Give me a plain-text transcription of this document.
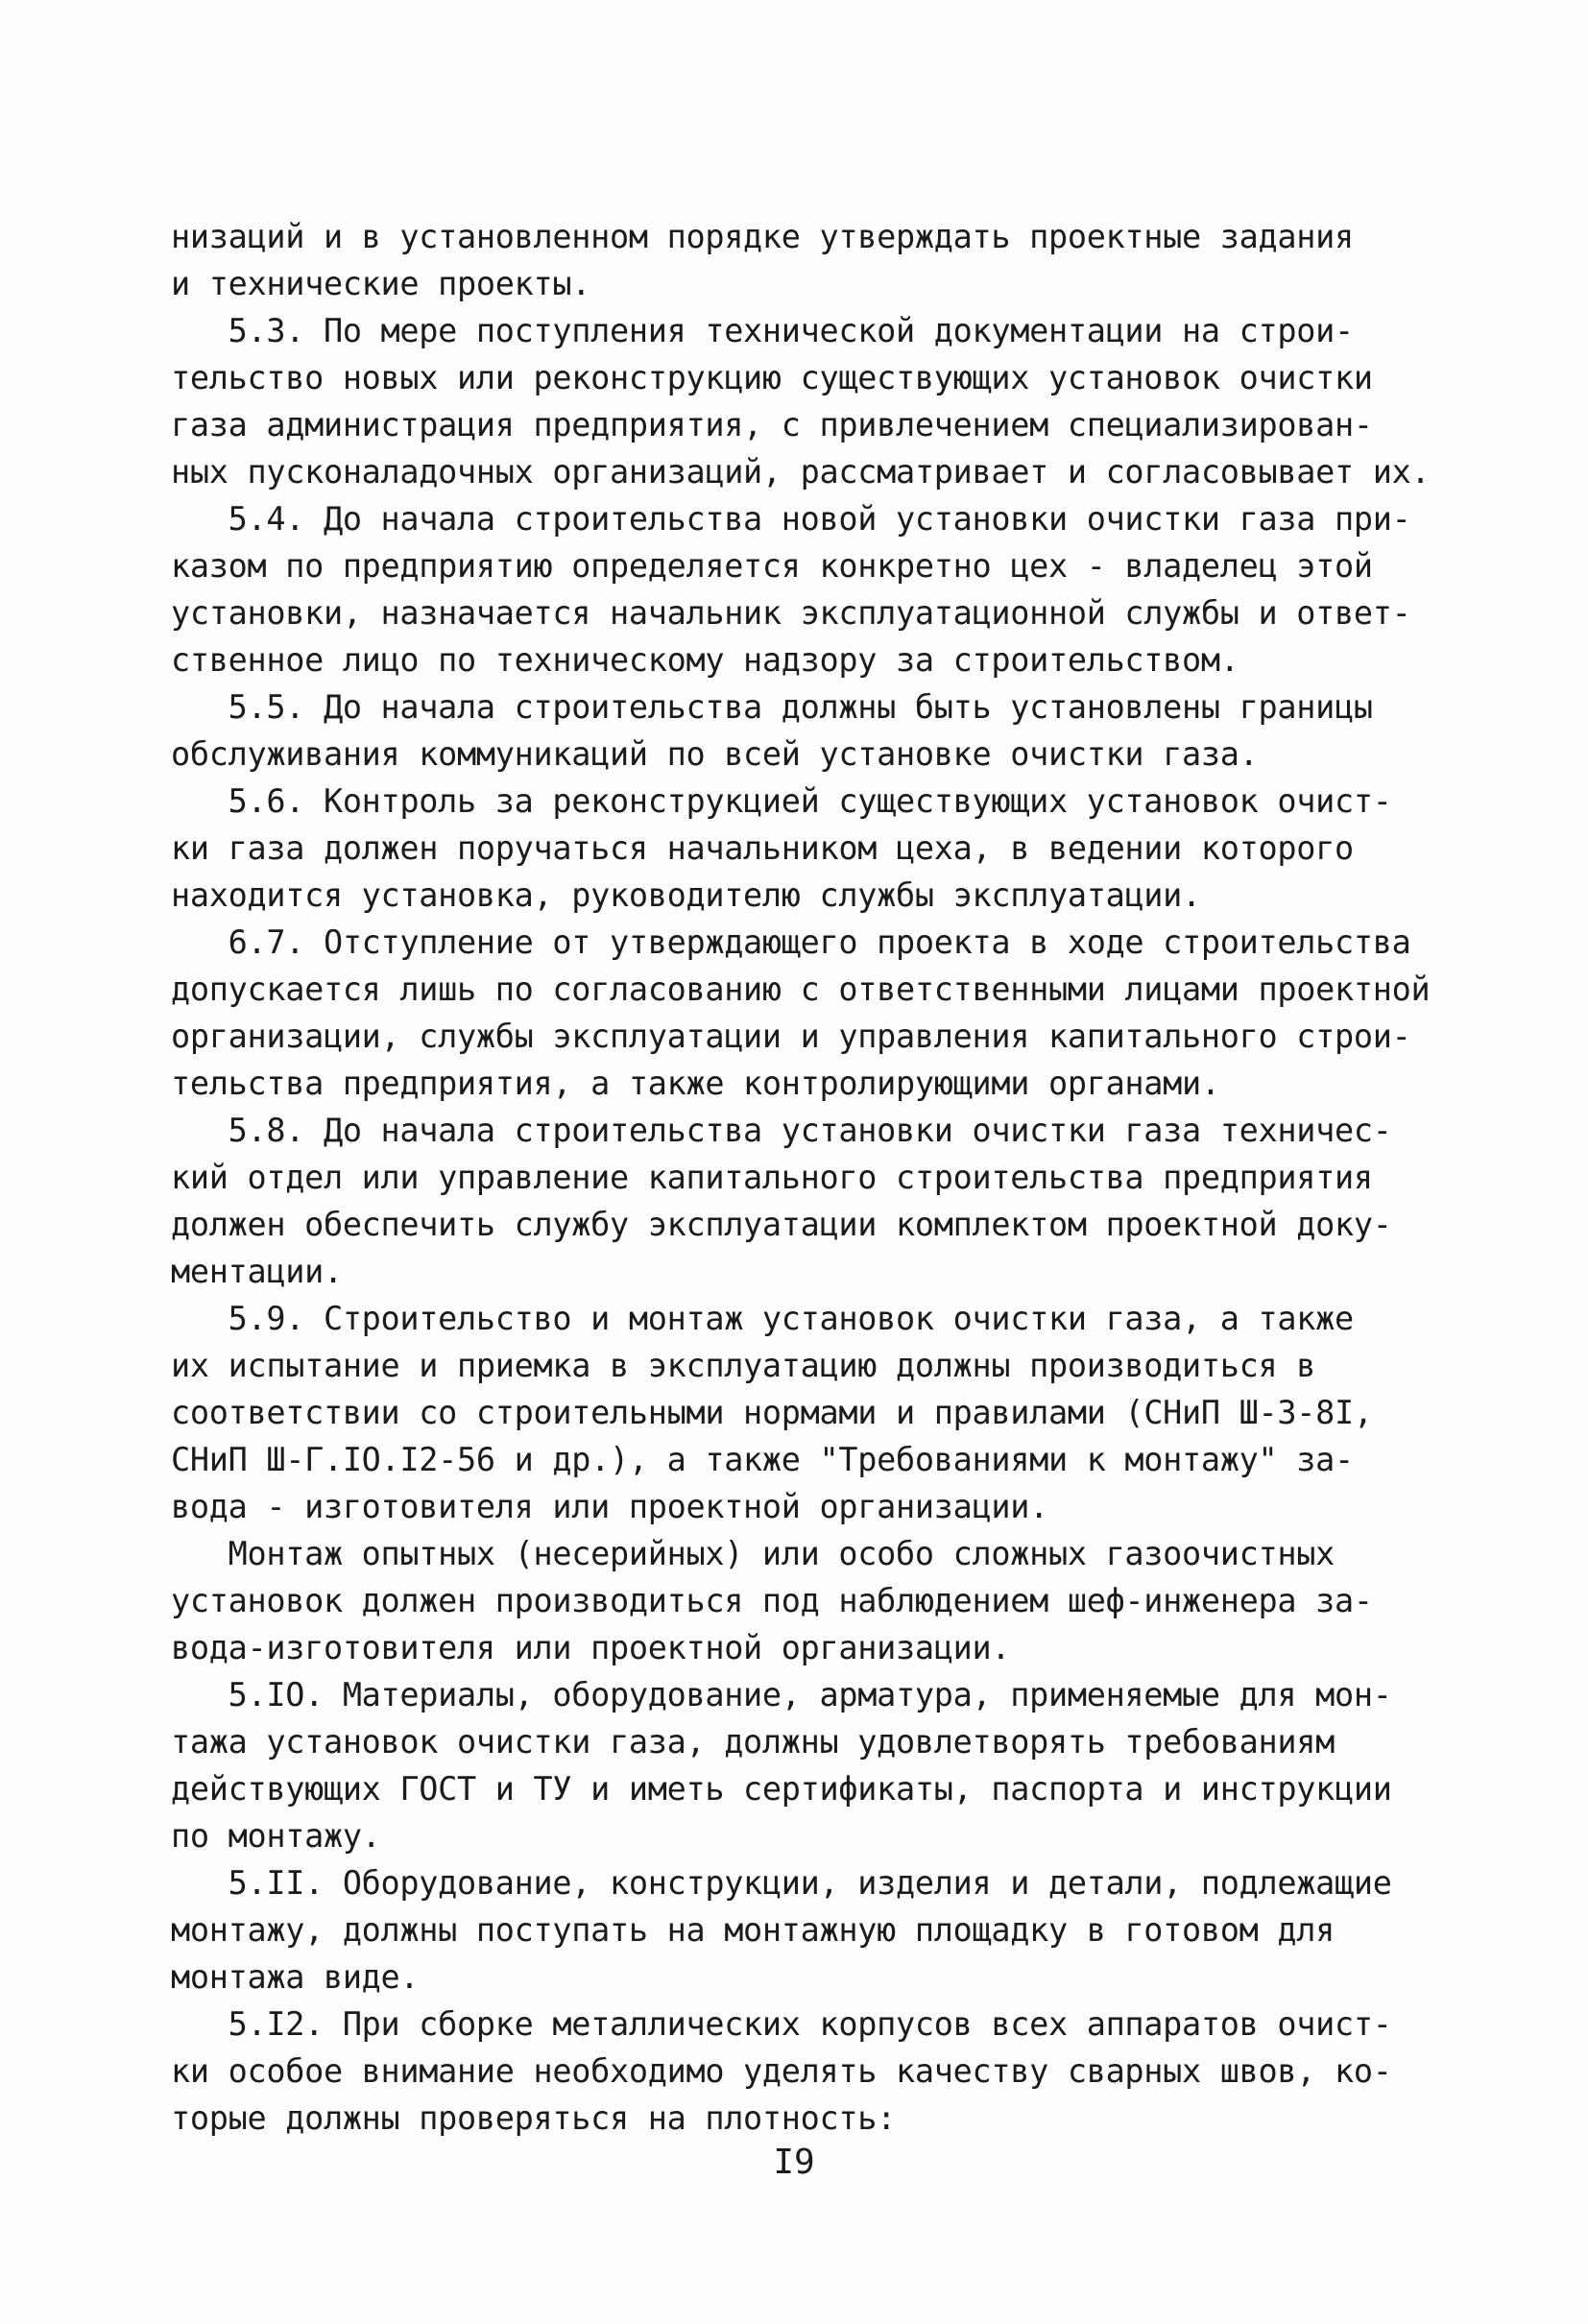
низаций и в установленном порядке утверждать проектные задания
и технические проекты.
5.3. По мере поступления технической документации на строи-
тельство новых или реконструкцию существующих установок очистки
газа администрация предприятия, с привлечением специализирован-
ных пусконаладочных организаций, рассматривает и согласовывает их.
5.4. До начала строительства новой установки очистки газа при-
казом по предприятию определяется конкретно цех - владелец этой
установки, назначается начальник эксплуатационной службы и ответ-
ственное лицо по техническому надзору за строительством.
5.5. До начала строительства должны быть установлены границы
обслуживания коммуникаций по всей установке очистки газа.
5.6. Контроль за реконструкцией существующих установок очист-
ки газа должен поручаться начальником цеха, в ведении которого
находится установка, руководителю службы эксплуатации.
6.7. Отступление от утверждающего проекта в ходе строительства
допускается лишь по согласованию с ответственными лицами проектной
организации, службы эксплуатации и управления капитального строи-
тельства предприятия, а также контролирующими органами.
5.8. До начала строительства установки очистки газа техничес-
кий отдел или управление капитального строительства предприятия
должен обеспечить службу эксплуатации комплектом проектной доку-
ментации.
5.9. Строительство и монтаж установок очистки газа, а также
их испытание и приемка в эксплуатацию должны производиться в
соответствии со строительными нормами и правилами (СНиП Ш-3-8I,
СНиП Ш-Г.IO.I2-56 и др.), а также "Требованиями к монтажу" за-
вода - изготовителя или проектной организации.
Монтаж опытных (несерийных) или особо сложных газоочистных
установок должен производиться под наблюдением шеф-инженера за-
вода-изготовителя или проектной организации.
5.IO. Материалы, оборудование, арматура, применяемые для мон-
тажа установок очистки газа, должны удовлетворять требованиям
действующих ГОСТ и ТУ и иметь сертификаты, паспорта и инструкции
по монтажу.
5.II. Оборудование, конструкции, изделия и детали, подлежащие
монтажу, должны поступать на монтажную площадку в готовом для
монтажа виде.
5.I2. При сборке металлических корпусов всех аппаратов очист-
ки особое внимание необходимо уделять качеству сварных швов, ко-
торые должны проверяться на плотность:
I9
